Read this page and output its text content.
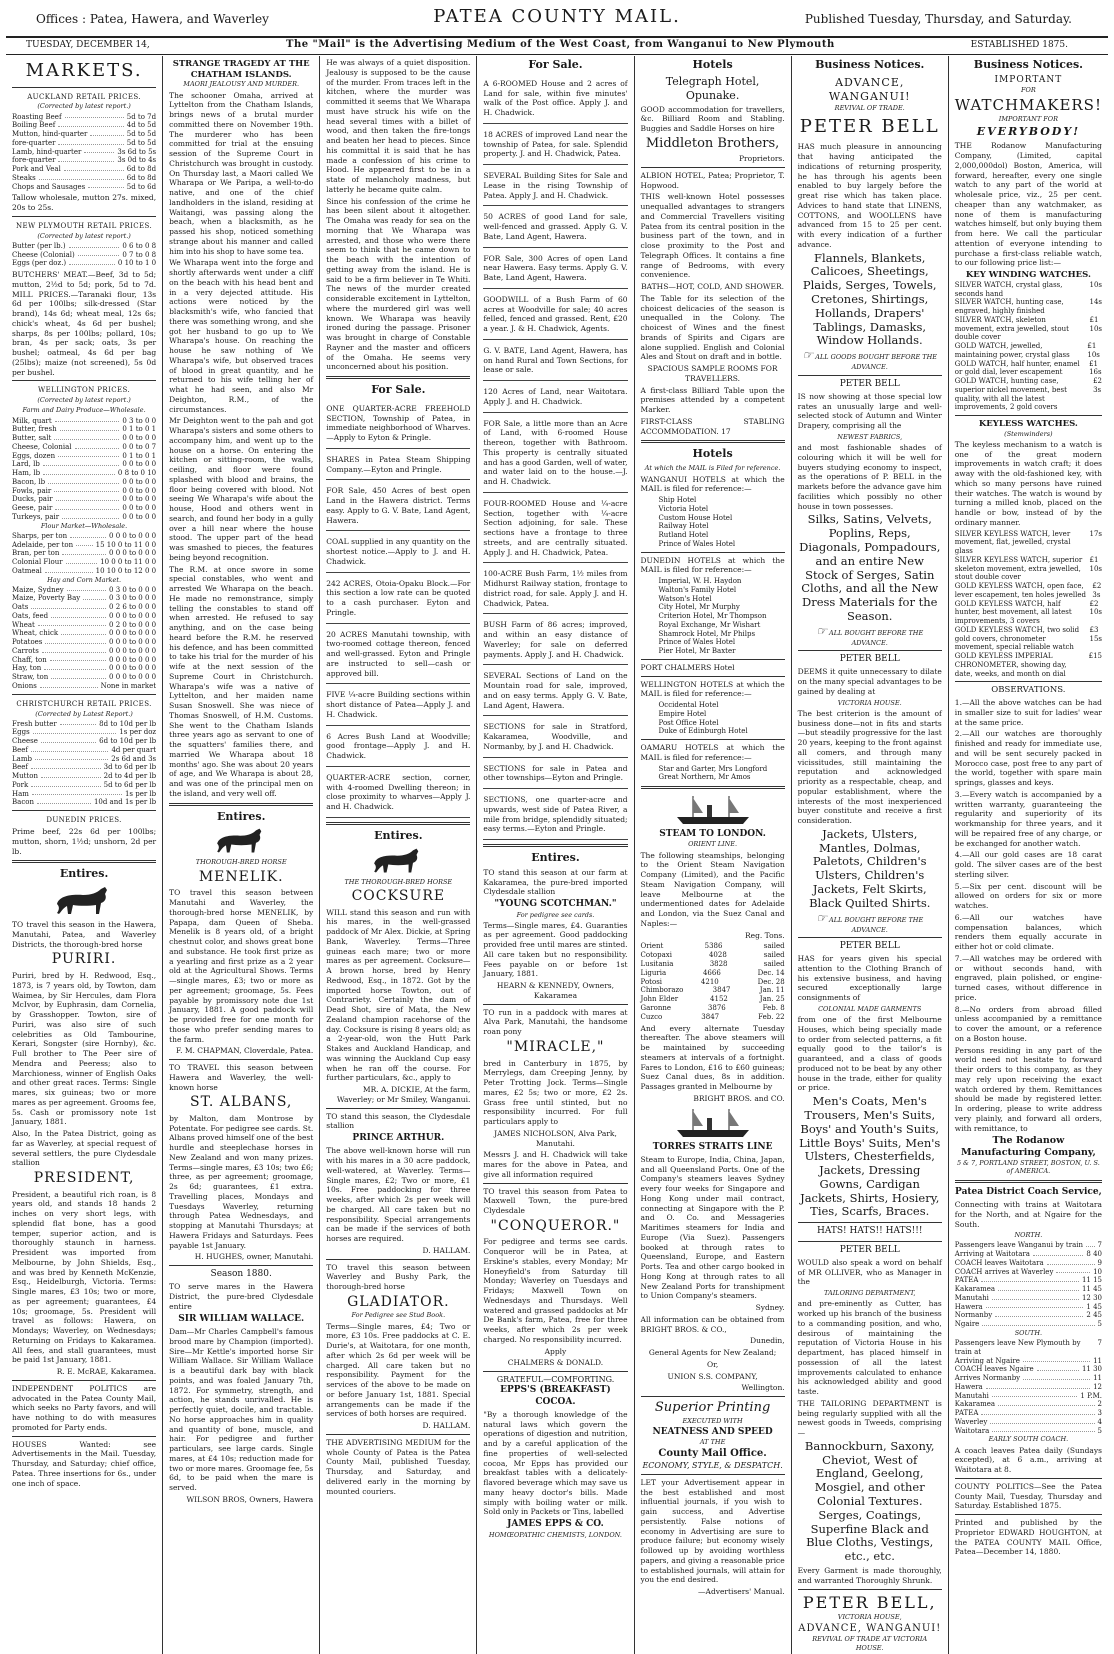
Offices : Patea, Hawera, and Waverley	PATEA COUNTY MAIL.	Published Tuesday, Thursday, and Saturday.
TUESDAY, DECEMBER 14,	The "Mail" is the Advertising Medium of the West Coast, from Wanganui to New Plymouth	ESTABLISHED 1875.
MARKETS.
AUCKLAND RETAIL PRICES.
(Corrected by latest report.)
Roasting Beef	5d to 7d
Boiling Beef	4d to 5d
Mutton, hind-quarter	5d to 5d
fore-quarter	5d to 5d
Lamb, hind-quarter	3s 6d to 5s
fore-quarter	3s 0d to 4s
Pork and Veal	6d to 8d
Steaks	6d to 8d
Chops and Sausages	5d to 6d
Tallow wholesale, mutton 27s. mixed, 20s to 25s.
NEW PLYMOUTH RETAIL PRICES.
(Corrected by latest report.)
Butter (per lb.)	0 6 to 0 8
Cheese (Colonial)	0 7 to 0 8
Eggs (per doz.)	0 10 to 1 0
BUTCHERS' MEAT.—Beef, 3d to 5d; mutton, 2½d to 5d; pork, 5d to 7d. MILL PRICES.—Taranaki flour, 13s 6d per 100lbs; silk-dressed (Star brand), 14s 6d; wheat meal, 12s 6s; chick's wheat, 4s 6d per bushel; sharps, 8s per 100lbs; pollard, 10s; bran, 4s per sack; oats, 3s per bushel; oatmeal, 4s 6d per bag (25lbs); maize (not screened), 5s 0d per bushel.
WELLINGTON PRICES.
(Corrected by latest report.)
Farm and Dairy Produce—Wholesale.
Milk, quart	0 3 to 0 0
Butter, fresh	0 1 to 0 1
Butter, salt	0 0 to 0 0
Cheese, Colonial	0 0 to 0 7
Eggs, dozen	0 1 to 0 1
Lard, lb	0 0 to 0 0
Ham, lb	0 8 to 0 10
Bacon, lb	0 0 to 0 0
Fowls, pair	0 0 to 0 0
Ducks, pair	0 0 to 0 0
Geese, pair	0 0 to 0 0
Turkeys, pair	0 0 to 0 0
Flour Market—Wholesale.
Sharps, per ton	0 0 0 to 0 0 0
Adelaide, per ton	15 10 0 to 11 0 0
Bran, per ton	0 0 0 to 0 0 0
Colonial Flour	10 0 0 to 11 0 0
Oatmeal	10 10 0 to 12 0 0
Hay and Corn Market.
Maize, Sydney	0 3 0 to 0 0 0
Maize, Poverty Bay	0 3 0 to 0 0 0
Oats	0 2 6 to 0 0 0
Oats, feed	0 0 0 to 0 0 0
Wheat	0 2 0 to 0 0 0
Wheat, chick	0 0 0 to 0 0 0
Potatoes	0 0 0 to 0 0 0
Carrots	0 0 0 to 0 0 0
Chaff, ton	0 0 0 to 0 0 0
Hay, ton	0 0 0 to 0 0 0
Straw, ton	0 0 0 to 0 0 0
Onions	None in market
CHRISTCHURCH RETAIL PRICES.
(Corrected by Latest Report.)
Fresh butter	8d to 10d per lb
Eggs	1s per doz
Cheese	6d to 10d per lb
Beef	4d per quart
Lamb	2s 6d and 3s
Beef	3d to 6d per lb
Mutton	2d to 4d per lb
Pork	5d to 6d per lb
Ham	1s per lb
Bacon	10d and 1s per lb
DUNEDIN PRICES.
Prime beef, 22s 6d per 100lbs; mutton, shorn, 1½d; unshorn, 2d per lb.
Entires.
TO travel this season in the Hawera, Manutahi, Patea, and Waverley Districts, the thorough-bred horse
PURIRI.
Puriri, bred by H. Redwood, Esq., 1873, is 7 years old, by Towton, dam Waimea, by Sir Hercules, dam Flora McIvor, by Euphrasin, dam Cornelia, by Grasshopper. Towton, sire of Puriri, was also sire of such celebrities as Old Tambourine, Kerari, Songster (sire Hornby), &c. Full brother to The Peer sire of Mendra and Peeress; also to Marchioness, winner of English Oaks and other great races. Terms: Single mares, six guineas; two or more mares as per agreement. Grooms fee, 5s. Cash or promissory note 1st January, 1881.
Also, In the Patea District, going as far as Waverley, at special request of several settlers, the pure Clydesdale stallion
PRESIDENT,
President, a beautiful rich roan, is 8 years old, and stands 18 hands 2 inches on very short legs, with splendid flat bone, has a good temper, superior action, and is thoroughly staunch in harness. President was imported from Melbourne, by John Shields, Esq., and was bred by Kenneth McKenzie, Esq., Heidelburgh, Victoria. Terms: Single mares, £3 10s; two or more, as per agreement; guarantees, £4 10s; groomage, 5s. President will travel as follows: Hawera, on Mondays; Waverley, on Wednesdays; Returning on Fridays to Kakaramea. All fees, and stall guarantees, must be paid 1st January, 1881.
R. E. McRAE, Kakaramea.
INDEPENDENT POLITICS are advocated in the Patea County Mail, which seeks no Party favors, and will have nothing to do with measures promoted for Party ends.
HOUSES Wanted: see Advertisements in the Mail. Tuesday, Thursday, and Saturday; chief office, Patea. Three insertions for 6s., under one inch of space.
STRANGE TRAGEDY AT THE CHATHAM ISLANDS.
MAORI JEALOUSY AND MURDER.
The schooner Omaha, arrived at Lyttelton from the Chatham Islands, brings news of a brutal murder committed there on November 19th. The murderer who has been committed for trial at the ensuing session of the Supreme Court in Christchurch was brought in custody. On Thursday last, a Maori called We Wharapa or We Paripa, a well-to-do native, and one of the chief landholders in the island, residing at Waitangi, was passing along the beach, when a blacksmith, as he passed his shop, noticed something strange about his manner and called him into his shop to have some tea.
We Wharapa went into the forge and shortly afterwards went under a cliff on the beach with his head bent and in a very dejected attitude. His actions were noticed by the blacksmith's wife, who fancied that there was something wrong, and she got her husband to go up to We Wharapa's house. On reaching the house he saw nothing of We Wharapa's wife, but observed traces of blood in great quantity, and he returned to his wife telling her of what he had seen, and also Mr Deighton, R.M., of the circumstances.
Mr Deighton went to the pah and got Wharapa's sisters and some others to accompany him, and went up to the house on a horse. On entering the kitchen or sitting-room, the walls, ceiling, and floor were found splashed with blood and brains, the floor being covered with blood. Not seeing We Wharapa's wife about the house, Hood and others went in search, and found her body in a gully over a hill near where the house stood. The upper part of the head was smashed to pieces, the features being beyond recognition.
The R.M. at once swore in some special constables, who went and arrested We Wharapa on the beach. He made no remonstrance, simply telling the constables to stand off when arrested. He refused to say anything, and on the case being heard before the R.M. he reserved his defence, and has been committed to take his trial for the murder of his wife at the next session of the Supreme Court in Christchurch. Wharapa's wife was a native of Lyttelton, and her maiden name Susan Snoswell. She was niece of Thomas Snoswell, of H.M. Customs. She went to the Chatham Islands three years ago as servant to one of the squatters' families there, and married We Wharapa about 18 months' ago. She was about 20 years of age, and We Wharapa is about 28, and was one of the principal men on the island, and very well off.
Entires.
THOROUGH-BRED HORSE
MENELIK.
TO travel this season between Manutahi and Waverley, the thorough-bred horse MENELIK, by Papapa, dam Queen of Sheba. Menelik is 8 years old, of a bright chestnut color, and shows great bone and substance. He took first prize as a yearling and first prize as a 2 year old at the Agricultural Shows. Terms—single mares, £3; two or more as per agreement; groomage, 5s. Fees payable by promissory note due 1st January, 1881. A good paddock will be provided free for one month for those who prefer sending mares to the farm.
F. M. CHAPMAN, Cloverdale, Patea.
TO TRAVEL this season between Hawera and Waverley, the well-known horse
ST. ALBANS,
by Malton, dam Montrose by Potentate. For pedigree see cards. St. Albans proved himself one of the best hurdle and steeplechase horses in New Zealand and won many prizes. Terms—single mares, £3 10s; two £6; three, as per agreement; groomage, 2s 6d; guarantees, £1 extra. Travelling places, Mondays and Tuesdays Waverley, returning through Patea Wednesdays, and stopping at Manutahi Thursdays; at Hawera Fridays and Saturdays. Fees payable 1st January.
H. HUGHES, owner, Manutahi.
Season 1880.
TO serve mares in the Hawera District, the pure-bred Clydesdale entire
SIR WILLIAM WALLACE.
Dam—Mr Charles Campbell's famous brood mare by Champion (imported). Sire—Mr Kettle's imported horse Sir William Wallace. Sir William Wallace is a beautiful dark bay with black points, and was foaled January 7th, 1872. For symmetry, strength, and action, he stands unrivalled. He is perfectly quiet, docile, and tractable. No horse approaches him in quality and quantity of bone, muscle, and hair. For pedigree and further particulars, see large cards. Single mares, at £4 10s; reduction made for two or more mares. Groomage fee, 5s 6d, to be paid when the mare is served.
WILSON BROS, Owners, Hawera
He was always of a quiet disposition. Jealousy is supposed to be the cause of the murder. From traces left in the kitchen, where the murder was committed it seems that We Wharapa must have struck his wife on the head several times with a billet of wood, and then taken the fire-tongs and beaten her head to pieces. Since his committal it is said that he has made a confession of his crime to Hood. He appeared first to be in a state of melancholy madness, but latterly he became quite calm.
Since his confession of the crime he has been silent about it altogether. The Omaha was ready for sea on the morning that We Wharapa was arrested, and those who were there seem to think that he came down to the beach with the intention of getting away from the island. He is said to be a firm believer in Te Whiti. The news of the murder created considerable excitement in Lyttelton, where the murdered girl was well known. We Wharapa was heavily ironed during the passage. Prisoner was brought in charge of Constable Rayner and the master and officers of the Omaha. He seems very unconcerned about his position.
For Sale.
ONE QUARTER-ACRE FREEHOLD SECTION, Township of Patea, in immediate neighborhood of Wharves.—Apply to Eyton & Pringle.
SHARES in Patea Steam Shipping Company.—Eyton and Pringle.
FOR Sale, 450 Acres of best open Land in the Hawera district. Terms easy. Apply to G. V. Bate, Land Agent, Hawera.
COAL supplied in any quantity on the shortest notice.—Apply to J. and H. Chadwick.
242 ACRES, Otoia-Opaku Block.—For this section a low rate can be quoted to a cash purchaser. Eyton and Pringle.
20 ACRES Manutahi township, with two-roomed cottage thereon, fenced and well-grassed. Eyton and Pringle are instructed to sell—cash or approved bill.
FIVE ¼-acre Building sections within short distance of Patea—Apply J. and H. Chadwick.
6 Acres Bush Land at Woodville; good frontage—Apply J. and H. Chadwick.
QUARTER-ACRE section, corner, with 4-roomed Dwelling thereon; in close proximity to wharves—Apply J. and H. Chadwick.
Entires.
THE THOROUGH-BRED HORSE
COCKSURE
WILL stand this season and run with his mares, in the well-grassed paddock of Mr Alex. Dickie, at Spring Bank, Waverley. Terms—Three guineas each mare; two or more mares as per agreement. Cocksure—A brown horse, bred by Henry Redwood, Esq., in 1872. Got by the imported horse Towton, out of Contrariety. Certainly the dam of Dead Shot, sire of Mata, the New Zealand champion racehorse of the day. Cocksure is rising 8 years old; as a 2-year-old, won the Hutt Park Stakes and Auckland Handicap, and was winning the Auckland Cup easy when he ran off the course. For further particulars, &c., apply to
MR. A. DICKIE, At the farm, Waverley; or Mr Smiley, Wanganui.
TO stand this season, the Clydesdale stallion
PRINCE ARTHUR.
The above well-known horse will run with his mares in a 30 acre paddock, well-watered, at Waverley. Terms—Single mares, £2; Two or more, £1 10s. Free paddocking for three weeks, after which 2s per week will be charged. All care taken but no responsibility. Special arrangements can be made if the services of both horses are required.
D. HALLAM.
TO travel this season between Waverley and Bushy Park, the thorough-bred horse
GLADIATOR.
For Pedigree see Stud Book.
Terms—Single mares, £4; Two or more, £3 10s. Free paddocks at C. E. Durie's, at Waitotara, for one month, after which 2s 6d per week will be charged. All care taken but no responsibility. Payment for the services of the above to be made on or before January 1st, 1881. Special arrangements can be made if the services of both horses are required.
D. HALLAM.
THE ADVERTISING MEDIUM for the whole County of Patea is the Patea County Mail, published Tuesday, Thursday, and Saturday, and delivered early in the morning by mounted couriers.
For Sale.
A 6-ROOMED House and 2 acres of Land for sale, within five minutes' walk of the Post office. Apply J. and H. Chadwick.
18 ACRES of improved Land near the township of Patea, for sale. Splendid property. J. and H. Chadwick, Patea.
SEVERAL Building Sites for Sale and Lease in the rising Township of Patea. Apply J. and H. Chadwick.
50 ACRES of good Land for sale, well-fenced and grassed. Apply G. V. Bate, Land Agent, Hawera.
FOR Sale, 300 Acres of open Land near Hawera. Easy terms. Apply G. V. Bate, Land Agent, Hawera.
GOODWILL of a Bush Farm of 60 acres at Woodville for sale; 40 acres felled, fenced and grassed. Rent, £20 a year. J. & H. Chadwick, Agents.
G. V. BATE, Land Agent, Hawera, has on hand Rural and Town Sections, for lease or sale.
120 Acres of Land, near Waitotara. Apply J. and H. Chadwick.
FOR Sale, a little more than an Acre of Land, with 6-roomed House thereon, together with Bathroom. This property is centrally situated and has a good Garden, well of water, and water laid on to the house.—J. and H. Chadwick.
FOUR-ROOMED House and ¼-acre Section, together with ¼-acre Section adjoining, for sale. These sections have a frontage to three streets, and are centrally situated. Apply J. and H. Chadwick, Patea.
100-ACRE Bush Farm, 1½ miles from Midhurst Railway station, frontage to district road, for sale. Apply J. and H. Chadwick, Patea.
BUSH Farm of 86 acres; improved, and within an easy distance of Waverley; for sale on deferred payments. Apply J. and H. Chadwick.
SEVERAL Sections of Land on the Mountain road for sale, improved, and on easy terms. Apply G. V. Bate, Land Agent, Hawera.
SECTIONS for sale in Stratford, Kakaramea, Woodville, and Normanby, by J. and H. Chadwick.
SECTIONS for sale in Patea and other townships—Eyton and Pringle.
SECTIONS, one quarter-acre and upwards, west side of Patea River, a mile from bridge, splendidly situated; easy terms.—Eyton and Pringle.
Entires.
TO stand this season at our farm at Kakaramea, the pure-bred imported Clydesdale stallion
"YOUNG SCOTCHMAN."
For pedigree see cards.
Terms—Single mares, £4. Guaranties as per agreement. Good paddocking provided free until mares are stinted. All care taken but no responsibility. Fees payable on or before 1st January, 1881.
HEARN & KENNEDY, Owners, Kakaramea
TO run in a paddock with mares at Alva Park, Manutahi, the handsome roan pony
"MIRACLE,"
bred in Canterbury in 1875, by Merrylegs, dam Creeping Jenny, by Peter Trotting Jock. Terms—Single mares, £2 5s; two or more, £2 2s. Grass free until stinted, but no responsibility incurred. For full particulars apply to
JAMES NICHOLSON, Alva Park, Manutahi.
Messrs J. and H. Chadwick will take mares for the above in Patea, and give all information required
TO travel this season from Patea to Maxwell Town, the pure-bred Clydesdale
"CONQUEROR."
For pedigree and terms see cards. Conqueror will be in Patea, at Erskine's stables, every Monday; Mr Honeyfield's from Saturday till Monday; Waverley on Tuesdays and Fridays; Maxwell Town on Wednesdays and Thursdays. Well watered and grassed paddocks at Mr De Bank's farm, Patea, free for three weeks, after which 2s per week charged. No responsibility incurred.
Apply
CHALMERS & DONALD.
GRATEFUL—COMFORTING.
EPPS'S (BREAKFAST) COCOA.
"By a thorough knowledge of the natural laws which govern the operations of digestion and nutrition, and by a careful application of the fine properties of well-selected cocoa, Mr Epps has provided our breakfast tables with a delicately-flavored beverage which may save us many heavy doctor's bills. Made simply with boiling water or milk. Sold only in Packets or Tins, labelled
JAMES EPPS & CO.
HOMŒOPATHIC CHEMISTS, LONDON.
Hotels
Telegraph Hotel, Opunake.
GOOD accommodation for travellers, &c. Billiard Room and Stabling. Buggies and Saddle Horses on hire
Middleton Brothers,
Proprietors.
ALBION HOTEL, Patea; Proprietor, T. Hopwood.
THIS well-known Hotel possesses unequalled advantages to strangers and Commercial Travellers visiting Patea from its central position in the business part of the town, and in close proximity to the Post and Telegraph Offices. It contains a fine range of Bedrooms, with every convenience.
BATHS—HOT, COLD, AND SHOWER.
The Table for its selection of the choicest delicacies of the season is unequalled in the Colony. The choicest of Wines and the finest brands of Spirits and Cigars are alone supplied. English and Colonial Ales and Stout on draft and in bottle.
SPACIOUS SAMPLE ROOMS FOR TRAVELLERS.
A first-class Billiard Table upon the premises attended by a competent Marker.
FIRST-CLASS STABLING ACCOMMODATION. 17
Hotels
At which the MAIL is Filed for reference.
WANGANUI HOTELS at which the MAIL is filed for reference:—
Ship Hotel
Victoria Hotel
Custom House Hotel
Railway Hotel
Rutland Hotel
Prince of Wales Hotel
DUNEDIN HOTELS at which the MAIL is filed for reference:—
Imperial, W. H. Haydon
Walton's Family Hotel
Watson's Hotel
City Hotel, Mr Murphy
Criterion Hotel, Mr Thompson
Royal Exchange, Mr Wishart
Shamrock Hotel, Mr Philps
Prince of Wales Hotel
Pier Hotel, Mr Baxter
PORT CHALMERS Hotel
WELLINGTON HOTELS at which the MAIL is filed for reference:—
Occidental Hotel
Empire Hotel
Post Office Hotel
Duke of Edinburgh Hotel
OAMARU HOTELS at which the MAIL is filed for reference:—
Star and Garter, Mrs Longford
Great Northern, Mr Amos
STEAM TO LONDON.
ORIENT LINE.
The following steamships, belonging to the Orient Steam Navigation Company (Limited), and the Pacific Steam Navigation Company, will leave Melbourne at the undermentioned dates for Adelaide and London, via the Suez Canal and Naples:—
Reg. Tons.
Orient	5386	sailed
Cotopaxi	4028	sailed
Lusitania	3828	sailed
Liguria	4666	Dec. 14
Potosi	4210	Dec. 28
Chimborazo	3847	Jan. 11
John Elder	4152	Jan. 25
Garonne	3876	Feb. 8
Cuzco	3847	Feb. 22
And every alternate Tuesday thereafter. The above steamers will be maintained by succeeding steamers at intervals of a fortnight. Fares to London, £16 to £60 guineas; Suez Canal dues, 8s in addition. Passages granted in Melbourne by
BRIGHT BROS. and CO.
TORRES STRAITS LINE
Steam to Europe, India, China, Japan, and all Queensland Ports. One of the Company's steamers leaves Sydney every four weeks for Singapore and Hong Kong under mail contract, connecting at Singapore with the P. and O. Co. and Messageries Maritimes steamers for India and Europe (Via Suez). Passengers booked at through rates to Queensland, Europe, and Eastern Ports. Tea and other cargo booked in Hong Kong at through rates to all New Zealand Ports for transhipment to Union Company's steamers.
Sydney.
All information can be obtained from BRIGHT BROS. & CO.,
Dunedin,
General Agents for New Zealand;
Or,
UNION S.S. COMPANY,
Wellington.
Superior Printing
EXECUTED WITH
NEATNESS AND SPEED
AT THE
County Mail Office.
ECONOMY, STYLE, & DESPATCH.
LET your Advertisement appear in the best established and most influential journals, if you wish to gain success, and Advertise persistently. False notions of economy in Advertising are sure to produce failure; but economy wisely followed up by avoiding worthless papers, and giving a reasonable price to established journals, will attain for you the end desired.
—Advertisers' Manual.
Business Notices.
ADVANCE, WANGANUI!
REVIVAL OF TRADE.
PETER BELL
HAS much pleasure in announcing that having anticipated the indications of returning prosperity, he has through his agents been enabled to buy largely before the great rise which has taken place. Advices to hand state that LINENS, COTTONS, and WOOLLENS have advanced from 15 to 25 per cent. with every indication of a further advance.
Flannels, Blankets, Calicoes, Sheetings, Plaids, Serges, Towels, Cretones, Shirtings, Hollands, Drapers' Tablings, Damasks, Window Hollands.
☞ ALL GOODS BOUGHT BEFORE THE ADVANCE.
PETER BELL
IS now showing at those special low rates an unusually large and well-selected stock of Autumn and Winter Drapery, comprising all the
NEWEST FABRICS,
and most fashionable shades of colouring which it will be well for buyers studying economy to inspect, as the operations of P. BELL in the markets before the advance gave him facilities which possibly no other house in town possesses.
Silks, Satins, Velvets, Poplins, Reps, Diagonals, Pompadours, and an entire New Stock of Serges, Satin Cloths, and all the New Dress Materials for the Season.
☞ ALL BOUGHT BEFORE THE ADVANCE.
PETER BELL
DEEMS it quite unnecessary to dilate on the many special advantages to be gained by dealing at
VICTORIA HOUSE.
The best criterion is the amount of business done—not in fits and starts—but steadily progressive for the last 20 years, keeping to the front against all comers, and through many vicissitudes, still maintaining the reputation and acknowledged priority as a respectable, cheap, and popular establishment, where the interests of the most inexperienced buyer constitute and receive a first consideration.
Jackets, Ulsters, Mantles, Dolmas, Paletots, Children's Ulsters, Children's Jackets, Felt Skirts, Black Quilted Shirts.
☞ ALL BOUGHT BEFORE THE ADVANCE.
PETER BELL
HAS for years given his special attention to the Clothing Branch of his extensive business, and having secured exceptionally large consignments of
COLONIAL MADE GARMENTS
from one of the first Melbourne Houses, which being specially made to order from selected patterns, a fit equally good to the tailor's is guaranteed, and a class of goods produced not to be beat by any other house in the trade, either for quality or price.
Men's Coats, Men's Trousers, Men's Suits, Boys' and Youth's Suits, Little Boys' Suits, Men's Ulsters, Chesterfields, Jackets, Dressing Gowns, Cardigan Jackets, Shirts, Hosiery, Ties, Scarfs, Braces.
HATS! HATS!! HATS!!!
PETER BELL
WOULD also speak a word on behalf of MR OLLIVER, who as Manager in the
TAILORING DEPARTMENT,
and pre-eminently as Cutter, has worked up his branch of the business to a commanding position, and who, desirous of maintaining the reputation of Victoria House in his department, has placed himself in possession of all the latest improvements calculated to enhance his acknowledged ability and good taste.
THE TAILORING DEPARTMENT is being regularly supplied with all the newest goods in Tweeds, comprising—
Bannockburn, Saxony, Cheviot, West of England, Geelong, Mosgiel, and other Colonial Textures. Serges, Coatings, Superfine Black and Blue Cloths, Vestings, etc., etc.
Every Garment is made thoroughly, and warranted Thoroughly Shrunk.
PETER BELL,
VICTORIA HOUSE,
ADVANCE, WANGANUI!
REVIVAL OF TRADE AT VICTORIA HOUSE.
Business Notices.
IMPORTANT
FOR
WATCHMAKERS!
IMPORTANT FOR
EVERYBODY!
THE Rodanow Manufacturing Company, (Limited, capital 2,000,000dol) Boston, America, will forward, hereafter, every one single watch to any part of the world at wholesale price, viz., 25 per cent. cheaper than any watchmaker, as none of them is manufacturing watches himself, but only buying them from here. We call the particular attention of everyone intending to purchase a first-class reliable watch, to our following price list:—
KEY WINDING WATCHES.
SILVER WATCH, crystal glass, seconds hand
10s
SILVER WATCH, hunting case, engraved, highly finished
14s
SILVER WATCH, skeleton movement, extra jewelled, stout double cover
£1 10s
GOLD WATCH, jewelled, maintaining power, crystal glass
£1 10s
GOLD WATCH, half hunter, enamel or gold dial, lever escapement
£1 16s
GOLD WATCH, hunting case, superior nickel movement, best quality, with all the latest improvements, 2 gold covers
£2 3s
KEYLESS WATCHES.
(Stemwinders)
The keyless mechanism to a watch is one of the great modern improvements in watch craft; it does away with the old-fashioned key, with which so many persons have ruined their watches. The watch is wound by turning a milled knob, placed on the handle or bow, instead of by the ordinary manner.
SILVER KEYLESS WATCH, lever movement, flat, jewelled, crystal glass
17s
SILVER KEYLESS WATCH, superior skeleton movement, extra jewelled, stout double cover
£1 10s
GOLD KEYLESS WATCH, open face, lever escapement, ten holes jewelled
£2 3s
GOLD KEYLESS WATCH, half hunter, best movement, all latest improvements, 3 covers
£2 10s
GOLD KEYLESS WATCH, two solid gold covers, chronometer movement, special reliable watch
£3 15s
GOLD KEYLESS IMPERIAL CHRONOMETER, showing day, date, weeks, and month on dial
£15
OBSERVATIONS.
1.—All the above watches can be had in smaller size to suit for ladies' wear at the same price.
2.—All our watches are thoroughly finished and ready for immediate use, and will be sent securely packed in Morocco case, post free to any part of the world, together with spare main springs, glasses and keys.
3.—Every watch is accompanied by a written warranty, guaranteeing the regularity and superiority of its workmanship for three years, and it will be repaired free of any charge, or be exchanged for another watch.
4.—All our gold cases are 18 carat gold. The silver cases are of the best sterling silver.
5.—Six per cent. discount will be allowed on orders for six or more watches.
6.—All our watches have compensation balances, which renders them equally accurate in either hot or cold climate.
7.—All watches may be ordered with or without seconds hand, with engraved, plain polished, or engine-turned cases, without difference in price.
8.—No orders from abroad filled unless accompanied by a remittance to cover the amount, or a reference on a Boston house.
Persons residing in any part of the world need not hesitate to forward their orders to this company, as they may rely upon receiving the exact watch ordered by them. Remittances should be made by registered letter. In ordering, please to write address very plainly, and forward all orders, with remittance, to
The Rodanow Manufacturing Company,
5 & 7, PORTLAND STREET, BOSTON, U. S. of AMERICA.
Patea District Coach Service,
Connecting with trains at Waitotara for the North, and at Ngaire for the South.
NORTH.
Passengers leave Wanganui by train 7
Arriving at Waitotara	8 40
COACH leaves Waitotara	9
COACH arrives at Waverley	10
PATEA	11 15
Kakaramea	11 45
Manutahi	12 30
Hawera	1 45
Normanby	2 45
Ngaire	5
SOUTH.
Passengers leave New Plymouth by train at
7
Arriving at Ngaire	11
COACH leaves Ngaire	11 30
Arrives Normanby	11
Hawera	12
Manutahi	1 P.M.
Kakaramea	2
PATEA	3
Waverley	4
Waitotara	5
EARLY SOUTH COACH.
A coach leaves Patea daily (Sundays excepted), at 6 a.m., arriving at Waitotara at 8.
COUNTY POLITICS—See the Patea County Mail, Tuesday, Thursday and Saturday. Established 1875.
Printed and published by the Proprietor EDWARD HOUGHTON, at the PATEA COUNTY MAIL Office, Patea—December 14, 1880.
